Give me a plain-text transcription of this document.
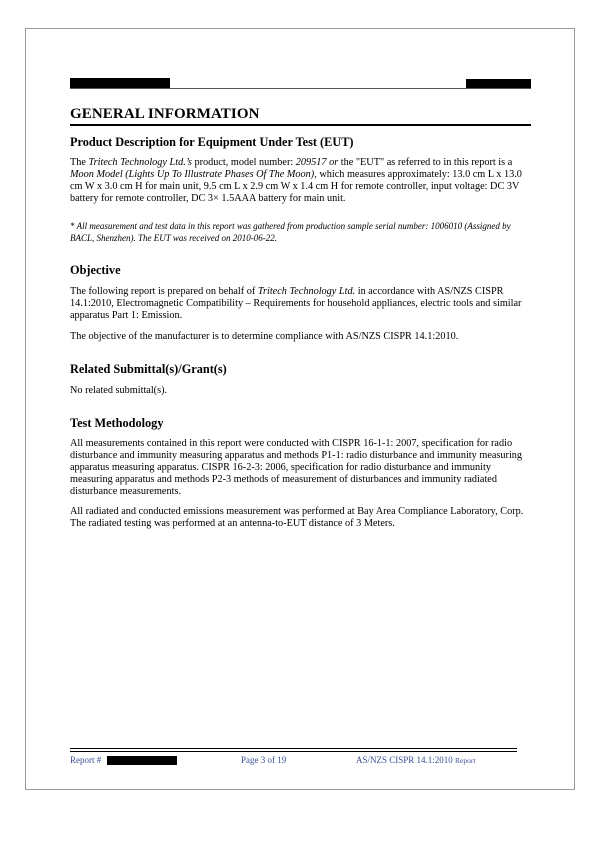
GENERAL INFORMATION
Product Description for Equipment Under Test (EUT)

The Tritech Technology Ltd.’s product, model number: 209517 or the "EUT" as referred to in this report is a Moon Model (Lights Up To Illustrate Phases Of The Moon), which measures approximately: 13.0 cm L x 13.0 cm W x 3.0 cm H for main unit, 9.5 cm L x 2.9 cm W x 1.4 cm H for remote controller, input voltage: DC 3V battery for remote controller, DC 3× 1.5AAA battery for main unit.

* All measurement and test data in this report was gathered from production sample serial number: 1006010 (Assigned by BACL, Shenzhen). The EUT was received on 2010-06-22.

Objective

The following report is prepared on behalf of Tritech Technology Ltd. in accordance with AS/NZS CISPR 14.1:2010, Electromagnetic Compatibility – Requirements for household appliances, electric tools and similar apparatus Part 1: Emission.

The objective of the manufacturer is to determine compliance with AS/NZS CISPR 14.1:2010.

Related Submittal(s)/Grant(s)

No related submittal(s).

Test Methodology

All measurements contained in this report were conducted with CISPR 16-1-1: 2007, specification for radio disturbance and immunity measuring apparatus and methods P1-1: radio disturbance and immunity measuring apparatus measuring apparatus. CISPR 16-2-3: 2006, specification for radio disturbance and immunity measuring apparatus and methods P2-3 methods of measurement of disturbances and immunity radiated disturbance measurements.

All radiated and conducted emissions measurement was performed at Bay Area Compliance Laboratory, Corp. The radiated testing was performed at an antenna-to-EUT distance of 3 Meters.

Report #	Page 3 of 19	AS/NZS CISPR 14.1:2010 Report
